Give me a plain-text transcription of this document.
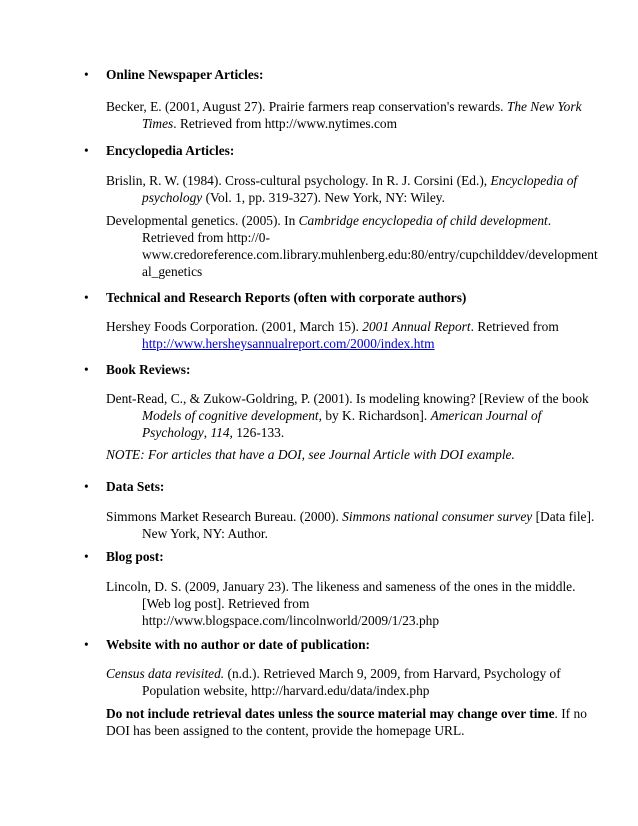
• Online Newspaper Articles:
Becker, E. (2001, August 27). Prairie farmers reap conservation's rewards. The New York
Times. Retrieved from http://www.nytimes.com
• Encyclopedia Articles:
Brislin, R. W. (1984). Cross-cultural psychology. In R. J. Corsini (Ed.), Encyclopedia of
psychology (Vol. 1, pp. 319-327). New York, NY: Wiley.
Developmental genetics. (2005). In Cambridge encyclopedia of child development.
Retrieved from http://0-
www.credoreference.com.library.muhlenberg.edu:80/entry/cupchilddev/development
al_genetics
• Technical and Research Reports (often with corporate authors)
Hershey Foods Corporation. (2001, March 15). 2001 Annual Report. Retrieved from
http://www.hersheysannualreport.com/2000/index.htm
• Book Reviews:
Dent-Read, C., & Zukow-Goldring, P. (2001). Is modeling knowing? [Review of the book
Models of cognitive development, by K. Richardson]. American Journal of
Psychology, 114, 126-133.
NOTE: For articles that have a DOI, see Journal Article with DOI example.
• Data Sets:
Simmons Market Research Bureau. (2000). Simmons national consumer survey [Data file].
New York, NY: Author.
• Blog post:
Lincoln, D. S. (2009, January 23). The likeness and sameness of the ones in the middle.
[Web log post]. Retrieved from
http://www.blogspace.com/lincolnworld/2009/1/23.php
• Website with no author or date of publication:
Census data revisited. (n.d.). Retrieved March 9, 2009, from Harvard, Psychology of
Population website, http://harvard.edu/data/index.php
Do not include retrieval dates unless the source material may change over time. If no
DOI has been assigned to the content, provide the homepage URL.
